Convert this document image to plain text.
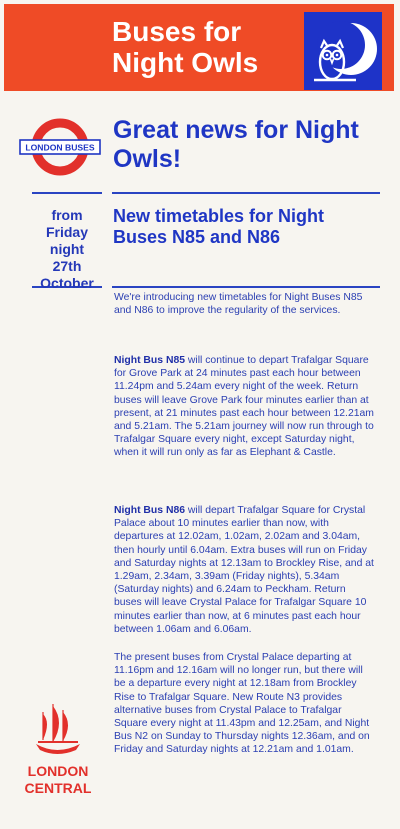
Buses for
Night Owls
LONDON BUSES
from
Friday night
27th
October
Great news for Night Owls!
New timetables for Night Buses N85 and N86

We're introducing new timetables for Night Buses N85 and N86 to improve the regularity of the services.

Night Bus N85 will continue to depart Trafalgar Square for Grove Park at 24 minutes past each hour between 11.24pm and 5.24am every night of the week. Return buses will leave Grove Park four minutes earlier than at present, at 21 minutes past each hour between 12.21am and 5.21am. The 5.21am journey will now run through to Trafalgar Square every night, except Saturday night, when it will run only as far as Elephant & Castle.

Night Bus N86 will depart Trafalgar Square for Crystal Palace about 10 minutes earlier than now, with departures at 12.02am, 1.02am, 2.02am and 3.04am, then hourly until 6.04am. Extra buses will run on Friday and Saturday nights at 12.13am to Brockley Rise, and at 1.29am, 2.34am, 3.39am (Friday nights), 5.34am (Saturday nights) and 6.24am to Peckham. Return buses will leave Crystal Palace for Trafalgar Square 10 minutes earlier than now, at 6 minutes past each hour between 1.06am and 6.06am.

The present buses from Crystal Palace departing at 11.16pm and 12.16am will no longer run, but there will be a departure every night at 12.18am from Brockley Rise to Trafalgar Square. New Route N3 provides alternative buses from Crystal Palace to Trafalgar Square every night at 11.43pm and 12.25am, and Night Bus N2 on Sunday to Thursday nights 12.36am, and on Friday and Saturday nights at 12.21am and 1.01am.

LONDON
CENTRAL
